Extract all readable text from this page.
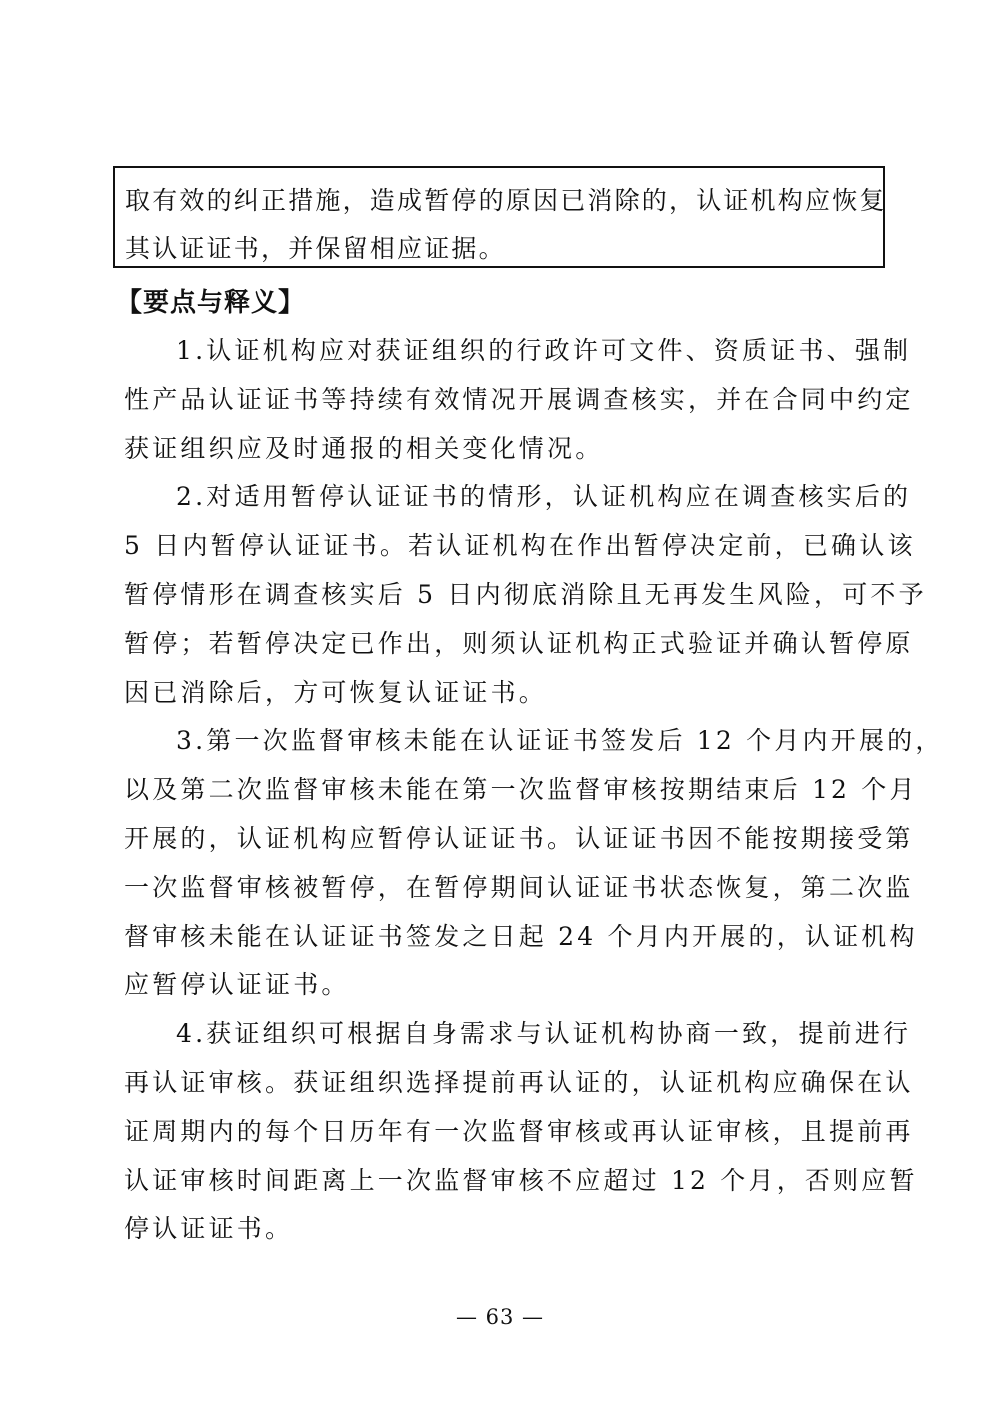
取有效的纠正措施，造成暂停的原因已消除的，认证机构应恢复

其认证证书，并保留相应证据。

【要点与释义】

1.认证机构应对获证组织的行政许可文件、资质证书、强制
性产品认证证书等持续有效情况开展调查核实，并在合同中约定
获证组织应及时通报的相关变化情况。

2.对适用暂停认证证书的情形，认证机构应在调查核实后的
5 日内暂停认证证书。若认证机构在作出暂停决定前，已确认该
暂停情形在调查核实后 5 日内彻底消除且无再发生风险，可不予
暂停；若暂停决定已作出，则须认证机构正式验证并确认暂停原
因已消除后，方可恢复认证证书。

3.第一次监督审核未能在认证证书签发后 12 个月内开展的，
以及第二次监督审核未能在第一次监督审核按期结束后 12 个月
开展的，认证机构应暂停认证证书。认证证书因不能按期接受第
一次监督审核被暂停，在暂停期间认证证书状态恢复，第二次监
督审核未能在认证证书签发之日起 24 个月内开展的，认证机构
应暂停认证证书。

4.获证组织可根据自身需求与认证机构协商一致，提前进行
再认证审核。获证组织选择提前再认证的，认证机构应确保在认
证周期内的每个日历年有一次监督审核或再认证审核，且提前再
认证审核时间距离上一次监督审核不应超过 12 个月，否则应暂
停认证证书。

— 63 —
